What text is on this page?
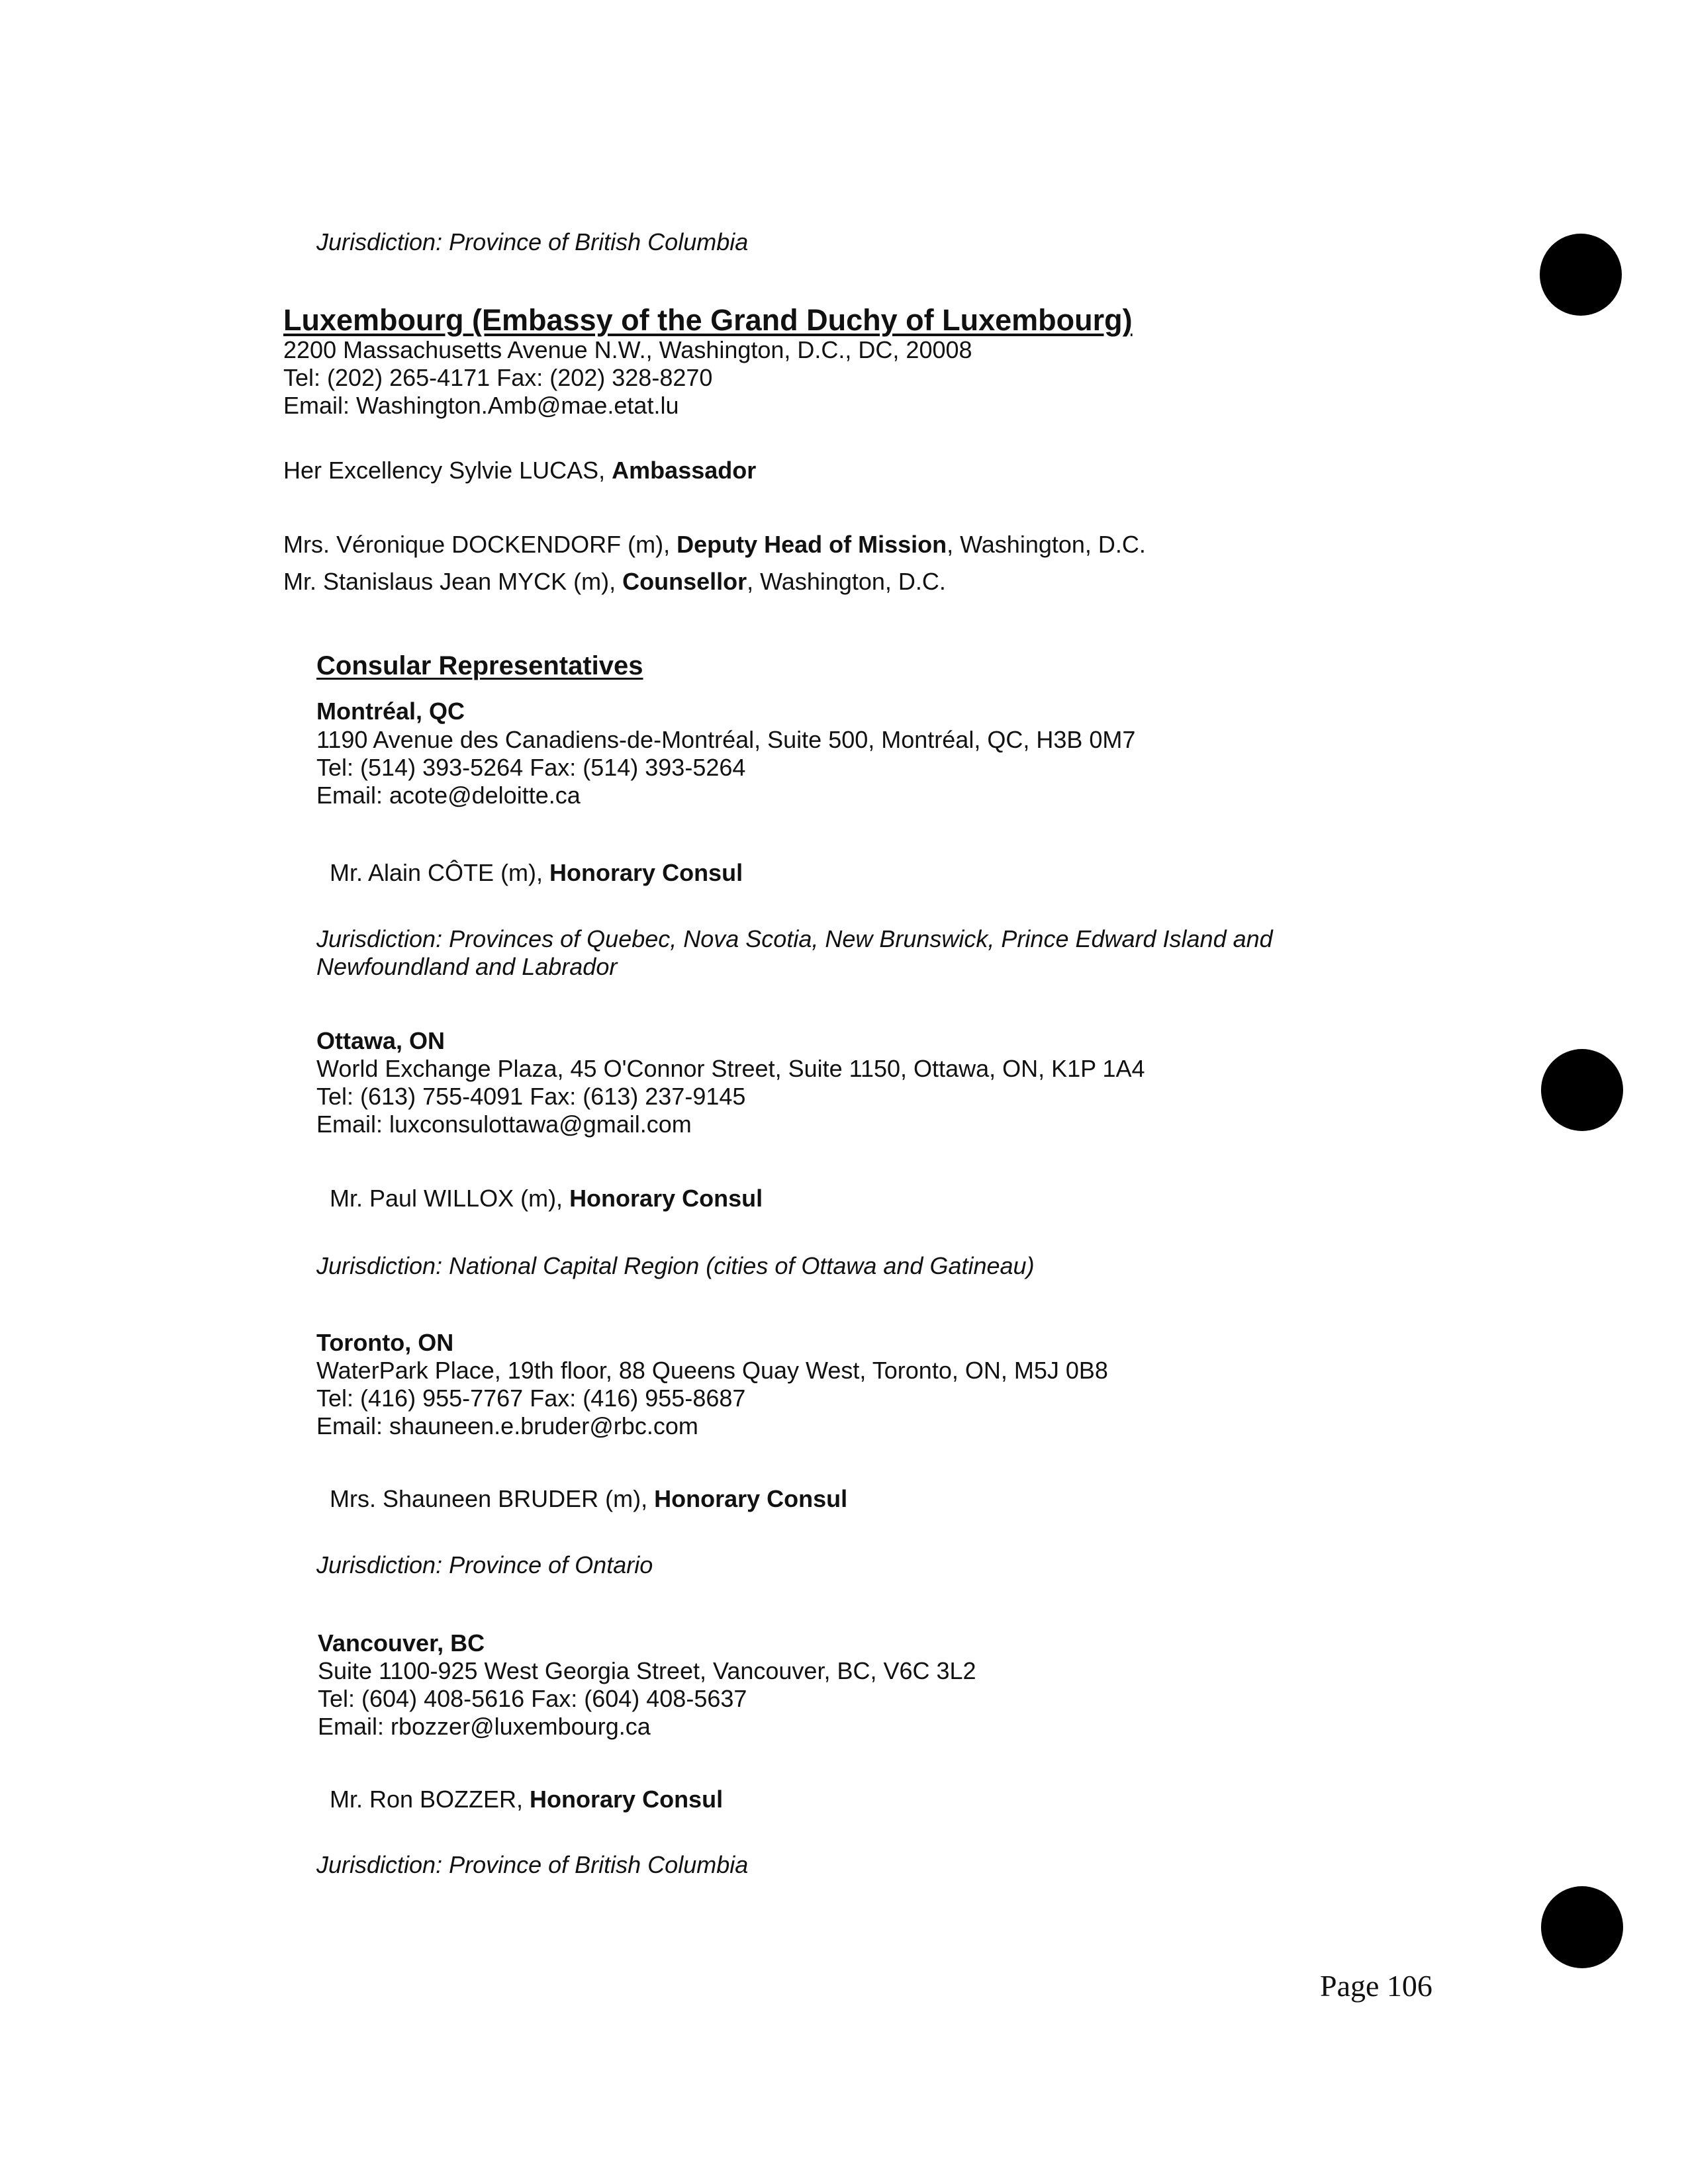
Jurisdiction: Province of British Columbia
Luxembourg (Embassy of the Grand Duchy of Luxembourg)
2200 Massachusetts Avenue N.W., Washington, D.C., DC, 20008
Tel: (202) 265-4171 Fax: (202) 328-8270
Email: Washington.Amb@mae.etat.lu
Her Excellency Sylvie LUCAS, Ambassador
Mrs. Véronique DOCKENDORF (m), Deputy Head of Mission, Washington, D.C.
Mr. Stanislaus Jean MYCK (m), Counsellor, Washington, D.C.
Consular Representatives
Montréal, QC
1190 Avenue des Canadiens-de-Montréal, Suite 500, Montréal, QC, H3B 0M7
Tel: (514) 393-5264 Fax: (514) 393-5264
Email: acote@deloitte.ca
Mr. Alain CÔTE (m), Honorary Consul
Jurisdiction: Provinces of Quebec, Nova Scotia, New Brunswick, Prince Edward Island and Newfoundland and Labrador
Ottawa, ON
World Exchange Plaza, 45 O'Connor Street, Suite 1150, Ottawa, ON, K1P 1A4
Tel: (613) 755-4091 Fax: (613) 237-9145
Email: luxconsulottawa@gmail.com
Mr. Paul WILLOX (m), Honorary Consul
Jurisdiction: National Capital Region (cities of Ottawa and Gatineau)
Toronto, ON
WaterPark Place, 19th floor, 88 Queens Quay West, Toronto, ON, M5J 0B8
Tel: (416) 955-7767 Fax: (416) 955-8687
Email: shauneen.e.bruder@rbc.com
Mrs. Shauneen BRUDER (m), Honorary Consul
Jurisdiction: Province of Ontario
Vancouver, BC
Suite 1100-925 West Georgia Street, Vancouver, BC, V6C 3L2
Tel: (604) 408-5616 Fax: (604) 408-5637
Email: rbozzer@luxembourg.ca
Mr. Ron BOZZER, Honorary Consul
Jurisdiction: Province of British Columbia
Page 106
